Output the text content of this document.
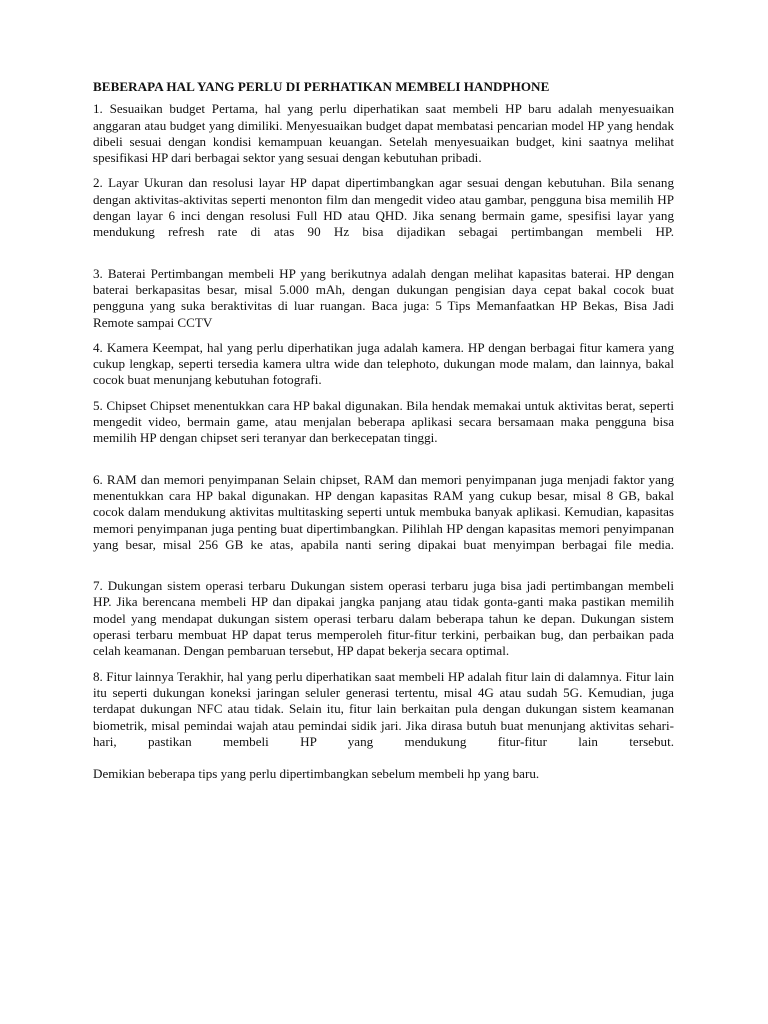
BEBERAPA HAL YANG PERLU DI PERHATIKAN MEMBELI HANDPHONE

1. Sesuaikan budget Pertama, hal yang perlu diperhatikan saat membeli HP baru adalah menyesuaikan anggaran atau budget yang dimiliki. Menyesuaikan budget dapat membatasi pencarian model HP yang hendak dibeli sesuai dengan kondisi kemampuan keuangan. Setelah menyesuaikan budget, kini saatnya melihat spesifikasi HP dari berbagai sektor yang sesuai dengan kebutuhan pribadi.

2. Layar Ukuran dan resolusi layar HP dapat dipertimbangkan agar sesuai dengan kebutuhan. Bila senang dengan aktivitas-aktivitas seperti menonton film dan mengedit video atau gambar, pengguna bisa memilih HP dengan layar 6 inci dengan resolusi Full HD atau QHD. Jika senang bermain game, spesifisi layar yang mendukung refresh rate di atas 90 Hz bisa dijadikan sebagai pertimbangan membeli HP.

3. Baterai Pertimbangan membeli HP yang berikutnya adalah dengan melihat kapasitas baterai. HP dengan baterai berkapasitas besar, misal 5.000 mAh, dengan dukungan pengisian daya cepat bakal cocok buat pengguna yang suka beraktivitas di luar ruangan. Baca juga: 5 Tips Memanfaatkan HP Bekas, Bisa Jadi Remote sampai CCTV

4. Kamera Keempat, hal yang perlu diperhatikan juga adalah kamera. HP dengan berbagai fitur kamera yang cukup lengkap, seperti tersedia kamera ultra wide dan telephoto, dukungan mode malam, dan lainnya, bakal cocok buat menunjang kebutuhan fotografi.

5. Chipset Chipset menentukkan cara HP bakal digunakan. Bila hendak memakai untuk aktivitas berat, seperti mengedit video, bermain game, atau menjalan beberapa aplikasi secara bersamaan maka pengguna bisa memilih HP dengan chipset seri teranyar dan berkecepatan tinggi.

6. RAM dan memori penyimpanan Selain chipset, RAM dan memori penyimpanan juga menjadi faktor yang menentukkan cara HP bakal digunakan. HP dengan kapasitas RAM yang cukup besar, misal 8 GB, bakal cocok dalam mendukung aktivitas multitasking seperti untuk membuka banyak aplikasi. Kemudian, kapasitas memori penyimpanan juga penting buat dipertimbangkan. Pilihlah HP dengan kapasitas memori penyimpanan yang besar, misal 256 GB ke atas, apabila nanti sering dipakai buat menyimpan berbagai file media.

7. Dukungan sistem operasi terbaru Dukungan sistem operasi terbaru juga bisa jadi pertimbangan membeli HP. Jika berencana membeli HP dan dipakai jangka panjang atau tidak gonta-ganti maka pastikan memilih model yang mendapat dukungan sistem operasi terbaru dalam beberapa tahun ke depan. Dukungan sistem operasi terbaru membuat HP dapat terus memperoleh fitur-fitur terkini, perbaikan bug, dan perbaikan pada celah keamanan. Dengan pembaruan tersebut, HP dapat bekerja secara optimal.

8. Fitur lainnya Terakhir, hal yang perlu diperhatikan saat membeli HP adalah fitur lain di dalamnya. Fitur lain itu seperti dukungan koneksi jaringan seluler generasi tertentu, misal 4G atau sudah 5G. Kemudian, juga terdapat dukungan NFC atau tidak. Selain itu, fitur lain berkaitan pula dengan dukungan sistem keamanan biometrik, misal pemindai wajah atau pemindai sidik jari. Jika dirasa butuh buat menunjang aktivitas sehari-hari, pastikan membeli HP yang mendukung fitur-fitur lain tersebut.

Demikian beberapa tips yang perlu dipertimbangkan sebelum membeli hp yang baru.
